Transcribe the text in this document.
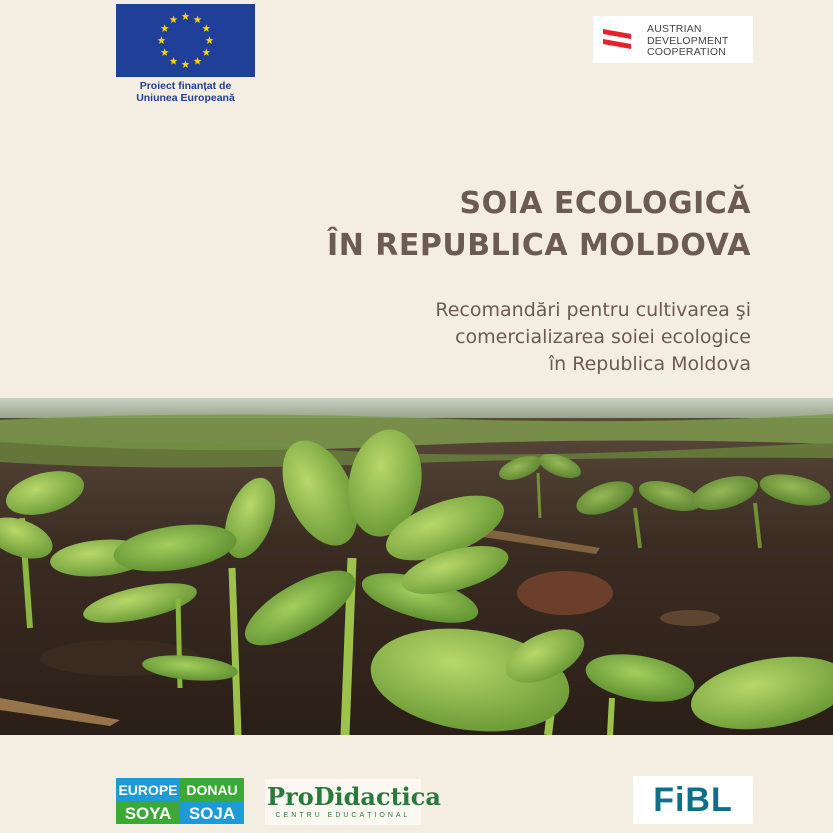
Proiect finanțat de
Uniunea Europeană
AUSTRIAN
DEVELOPMENT
COOPERATION
SOIA ECOLOGICĂ
ÎN REPUBLICA MOLDOVA
Recomandări pentru cultivarea şi
comercializarea soiei ecologice
în Republica Moldova
EUROPE
SOYA
DONAU
SOJA
ProDidactica
CENTRU EDUCAȚIONAL	FiBL
